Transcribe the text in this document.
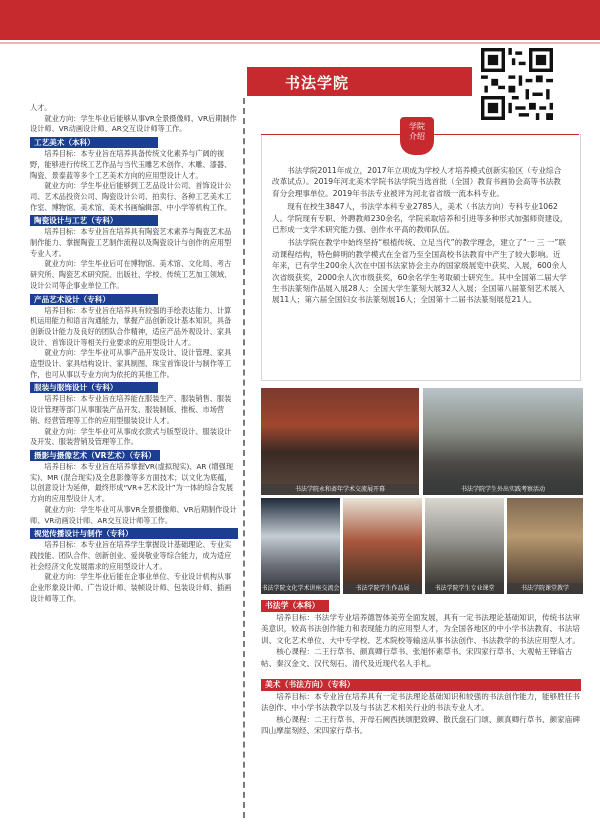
人才。

就业方向：学生毕业后能够从事VR全景摄像师、VR后期制作设计师、VR动画设计师、AR交互设计师等工作。

工艺美术（本科）

培养目标：本专业旨在培养具备传统文化素养与广阔的视野，能够进行传统工艺作品与当代玉雕艺术创作、木雕、漆器、陶瓷、景泰蓝等多个工艺美术方向的应用型设计人才。

就业方向：学生毕业后能够到工艺品设计公司、首饰设计公司、艺术品投资公司、陶瓷设计公司、拍卖行、各种工艺美术工作室、博物馆、美术馆、美术书画编辑部、中小学等机构工作。

陶瓷设计与工艺（专科）

培养目标：本专业旨在培养具有陶瓷艺术素养与陶瓷艺术品制作能力、掌握陶瓷工艺制作流程以及陶瓷设计与创作的应用型专业人才。

就业方向：学生毕业后可在博物馆、美术馆、文化局、考古研究所、陶瓷艺术研究院、出版社、学校、传统工艺加工领域、设计公司等企事业单位工作。

产品艺术设计（专科）

培养目标：本专业旨在培养具有较强的手绘表达能力、计算机运用能力和语言沟通能力，掌握产品创新设计基本知识，具备创新设计能力及良好的团队合作精神，适应产品外观设计、家具设计、首饰设计等相关行业要求的应用型设计人才。

就业方向：学生毕业可从事产品开发设计、设计管理、家具造型设计、家具结构设计、家具制图、珠宝首饰设计与制作等工作，也可从事以专业方向为依托的其他工作。

服装与服饰设计（专科）

培养目标：本专业旨在培养能在服装生产、服装销售、服装设计管理等部门从事服装产品开发、服装制版、推板、市场营销、经营管理等工作的应用型服装设计人才。

就业方向：学生毕业可从事成衣款式与版型设计、服装设计及开发、服装营销及管理等工作。

摄影与摄像艺术（VR艺术）（专科）

培养目标：本专业旨在培养掌握VR(虚拟现实)、AR (增强现实)、MR (混合现实)及全息影像等多方面技术；以文化为底蕴，以创意设计为延伸，最终形成“VR+艺术设计”为一体的综合发展方向的应用型设计人才。

就业方向：学生毕业可从事VR全景摄像师、VR后期制作设计师、VR动画设计师、AR交互设计师等工作。

视觉传播设计与制作（专科）

培养目标：本专业旨在培养学生掌握设计基础理论、专业实践技能、团队合作、创新创业、爱岗敬业等综合能力，成为适应社会经济文化发展需求的应用型设计人才。

就业方向：学生毕业后能在企事业单位、专业设计机构从事企业形象设计师、广告设计师、装帧设计师、包装设计师、插画设计师等工作。

书法学院
学院
介绍

书法学院2011年成立，2017年立项成为学校人才培养模式创新实验区（专业综合改革试点）。2019年河北美术学院书法学院当选首批（全国）教育书画协会高等书法教育分会理事单位。2019年书法专业被评为河北省省级一流本科专业。

现有在校生3847人，书法学本科专业2785人，美术（书法方向）专科专业1062人。学院现有专职、外聘教师230余名，学院采取培养和引进等多种形式加强师资建设，已形成一支学术研究能力强、创作水平高的教师队伍。

书法学院在教学中始终坚持“根植传统、立足当代”的教学理念，建立了“一 三 一”联动课程结构，特色鲜明的教学模式在全省乃至全国高校书法教育中产生了较大影响。近年来，已有学生200余人次在中国书法家协会主办的国家级展览中获奖、入展，600余人次省级获奖，2000余人次市级获奖，60余名学生考取硕士研究生。其中全国第二届大学生书法篆刻作品展入展28人；全国大学生篆刻大展32人入展；全国第八届篆刻艺术展入展11人；第六届全国妇女书法篆刻展16人；全国第十二届书法篆刻展览21人。

书法学院永和斋年学术交流展开幕	书法学院学生外出实践考察活动
书法学院文化学术讲座交流会	书法学院学生作品展	书法学院学生专业课堂	书法学院课堂教学
书法学（本科）

培养目标：书法学专业培养德智体美劳全面发展，具有一定书法理论基础知识，传统书法审美意识，较高书法创作能力和表现能力的应用型人才，为全国各地区的中小学书法教育、书法培训、文化艺术单位、大中专学校、艺术院校等输送从事书法创作、书法教学的书法应用型人才。

核心课程：二王行草书、颜真卿行草书、张旭怀素草书、宋四家行草书、大观帖王铎临古帖、秦汉金文、汉代刻石、清代及近现代名人手札。

美术（书法方向）（专科）

培养目标：本专业旨在培养具有一定书法理论基础知识和较强的书法创作能力，能够胜任书法创作、中小学书法教学以及与书法艺术相关行业的书法专业人才。

核心课程：二王行草书、开母石阙西狭颂肥致碑、散氏盘石门颂、颜真卿行草书、颜家庙碑四山摩崖刻经、宋四家行草书。
